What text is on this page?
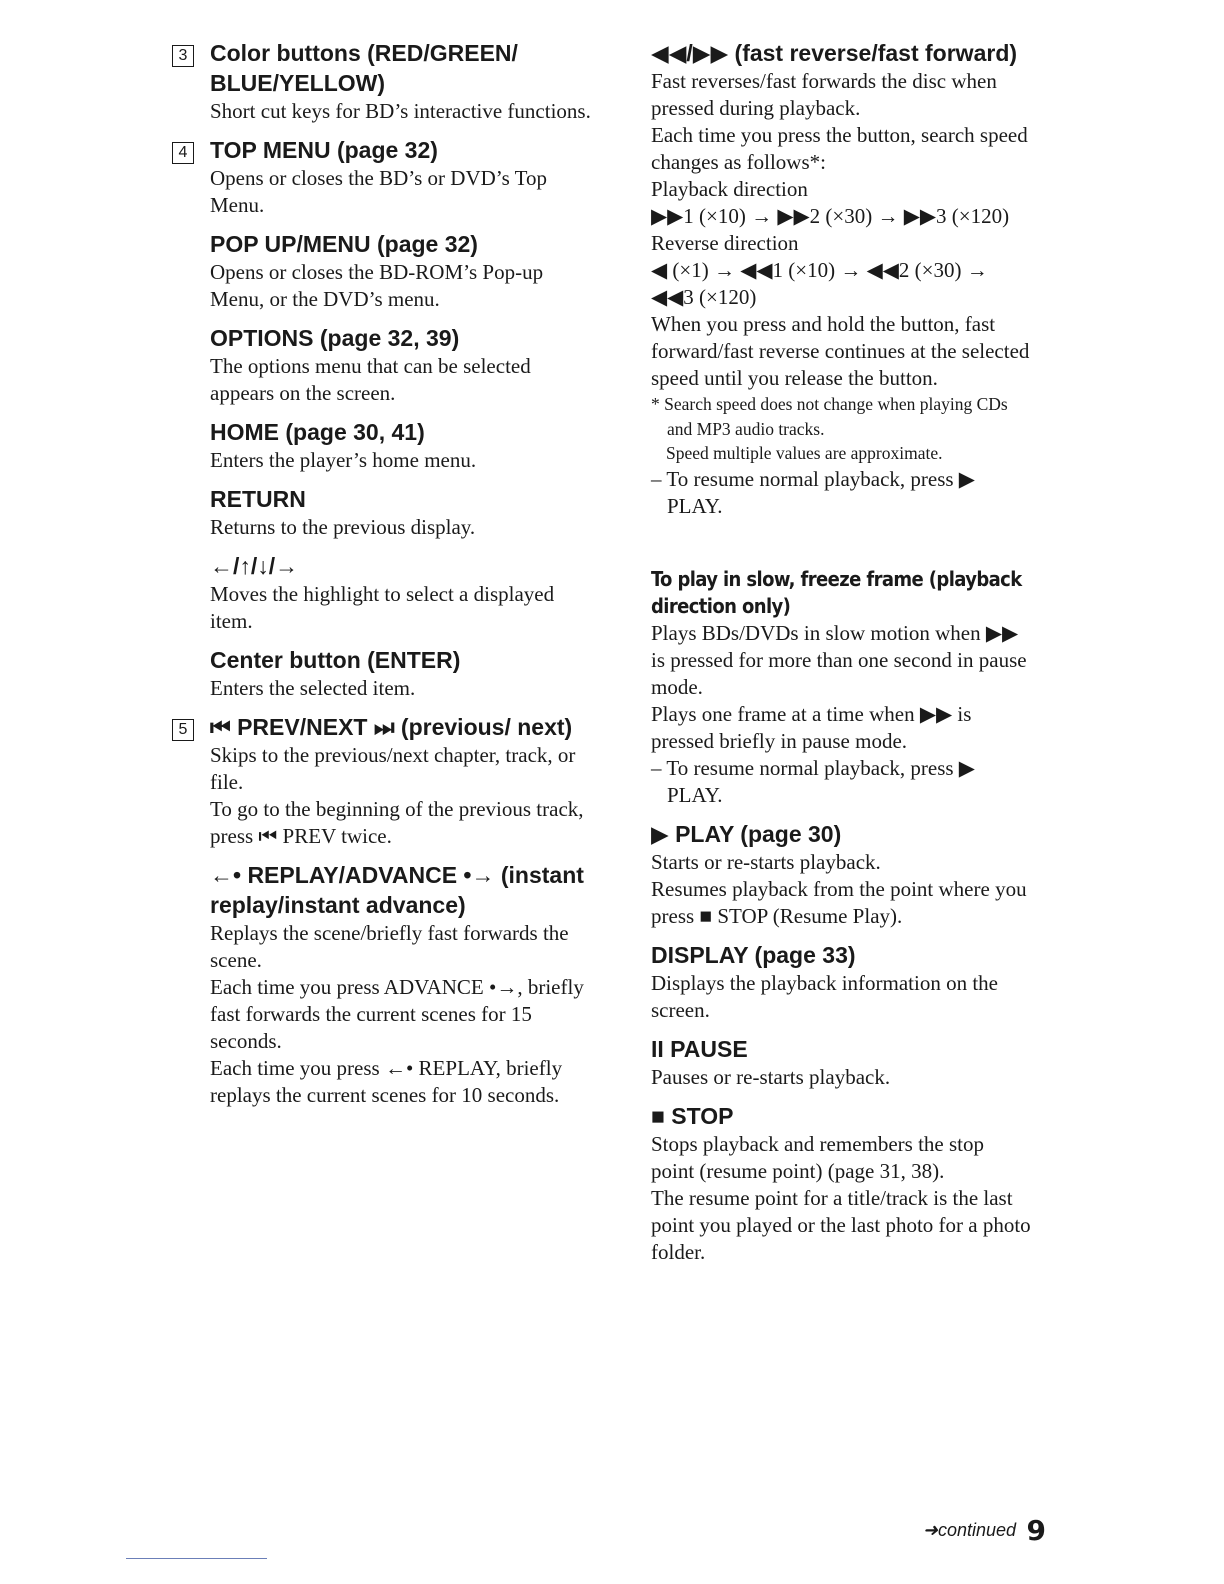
3 Color buttons (RED/GREEN/ BLUE/YELLOW)

Short cut keys for BD’s interactive functions.

4 TOP MENU (page 32)

Opens or closes the BD’s or DVD’s Top Menu.

POP UP/MENU (page 32)

Opens or closes the BD-ROM’s Pop-up Menu, or the DVD’s menu.

OPTIONS (page 32, 39)

The options menu that can be selected appears on the screen.

HOME (page 30, 41)

Enters the player’s home menu.

RETURN

Returns to the previous display.

←/↑/↓/→

Moves the highlight to select a displayed item.

Center button (ENTER)

Enters the selected item.

5 ⏮ PREV/NEXT ⏭ (previous/ next)

Skips to the previous/next chapter, track, or file.

To go to the beginning of the previous track, press ⏮ PREV twice.

←• REPLAY/ADVANCE •→ (instant replay/instant advance)

Replays the scene/briefly fast forwards the scene.

Each time you press ADVANCE •→, briefly fast forwards the current scenes for 15 seconds.

Each time you press ←• REPLAY, briefly replays the current scenes for 10 seconds.

◀◀/▶▶ (fast reverse/fast forward)

Fast reverses/fast forwards the disc when pressed during playback.

Each time you press the button, search speed changes as follows*:

Playback direction

▶▶1 (×10) → ▶▶2 (×30) → ▶▶3 (×120)

Reverse direction

◀ (×1) → ◀◀1 (×10) → ◀◀2 (×30) → ◀◀3 (×120)

When you press and hold the button, fast forward/fast reverse continues at the selected speed until you release the button.

* Search speed does not change when playing CDs and MP3 audio tracks.

Speed multiple values are approximate.

– To resume normal playback, press ▶ PLAY.

To play in slow, freeze frame (playback direction only)

Plays BDs/DVDs in slow motion when ▶▶ is pressed for more than one second in pause mode.

Plays one frame at a time when ▶▶ is pressed briefly in pause mode.

– To resume normal playback, press ▶ PLAY.

▶ PLAY (page 30)

Starts or re-starts playback.

Resumes playback from the point where you press ■ STOP (Resume Play).

DISPLAY (page 33)

Displays the playback information on the screen.

II PAUSE

Pauses or re-starts playback.

■ STOP

Stops playback and remembers the stop point (resume point) (page 31, 38).

The resume point for a title/track is the last point you played or the last photo for a photo folder.

➜continued 9
